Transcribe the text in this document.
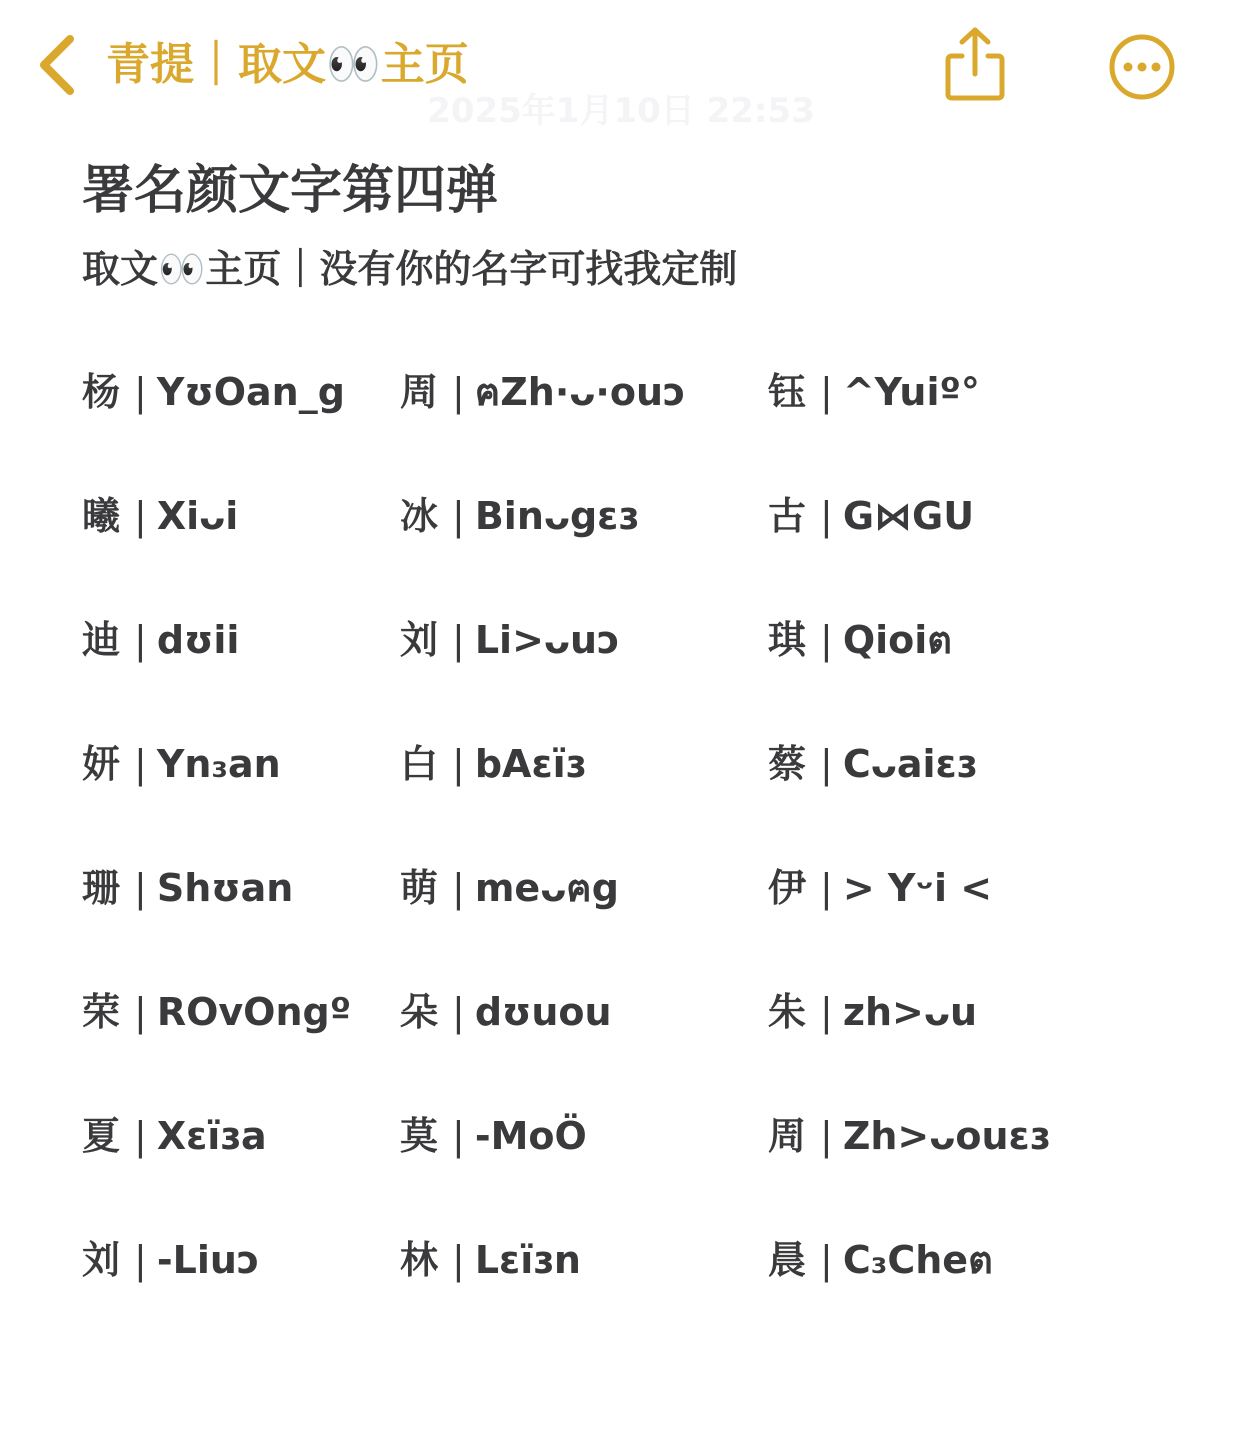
青提｜取文👀主页
2025年1月10日 22:53
署名颜文字第四弹
取文👀主页｜没有你的名字可找我定制
杨 | YʊOan_g 周 | ฅZh·ᴗ·ouɔ 钰 | ^Yuiº°
曦 | Xiᴗi	冰 | Binᴗgɛɜ	古 | G⋈GU
迪 | dʊii	刘 | Li>ᴗuɔ	琪 | Qioiต
妍 | Yn₃an	白 | bAɛïɜ	蔡 | Cᴗaiɛɜ
珊 | Shʊan	萌 | meᴗฅg	伊 | > Yᵕi <
荣 | ROvOngº 朵 | dʊuou	朱 | zh>ᴗu
夏 | Xɛïɜa	莫 | -MoÖ	周 | Zh>ᴗouɛɜ
刘 | -Liuɔ	林 | Lɛïɜn	晨 | C₃Cheต
